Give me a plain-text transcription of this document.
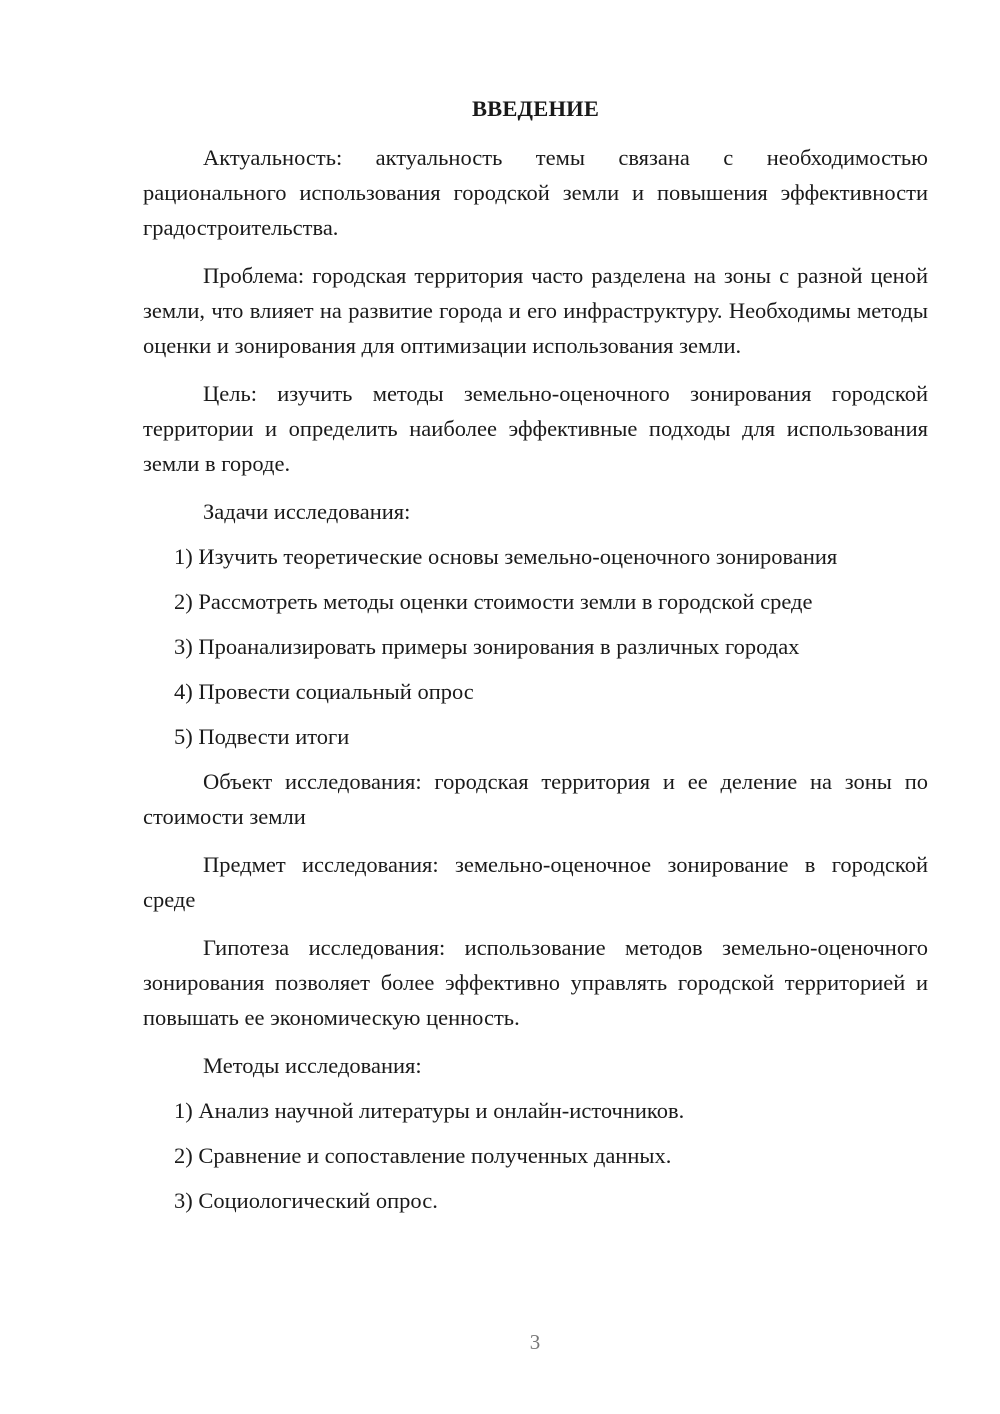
ВВЕДЕНИЕ

Актуальность: актуальность темы связана с необходимостью рационального использования городской земли и повышения эффективности градостроительства.

Проблема: городская территория часто разделена на зоны с разной ценой земли, что влияет на развитие города и его инфраструктуру. Необходимы методы оценки и зонирования для оптимизации использования земли.

Цель: изучить методы земельно-оценочного зонирования городской территории и определить наиболее эффективные подходы для использования земли в городе.

Задачи исследования:

1) Изучить теоретические основы земельно-оценочного зонирования

2) Рассмотреть методы оценки стоимости земли в городской среде

3) Проанализировать примеры зонирования в различных городах

4) Провести социальный опрос

5) Подвести итоги

Объект исследования: городская территория и ее деление на зоны по стоимости земли

Предмет исследования: земельно-оценочное зонирование в городской среде

Гипотеза исследования: использование методов земельно-оценочного зонирования позволяет более эффективно управлять городской территорией и повышать ее экономическую ценность.

Методы исследования:

1) Анализ научной литературы и онлайн-источников.

2) Сравнение и сопоставление полученных данных.

3) Социологический опрос.

3
